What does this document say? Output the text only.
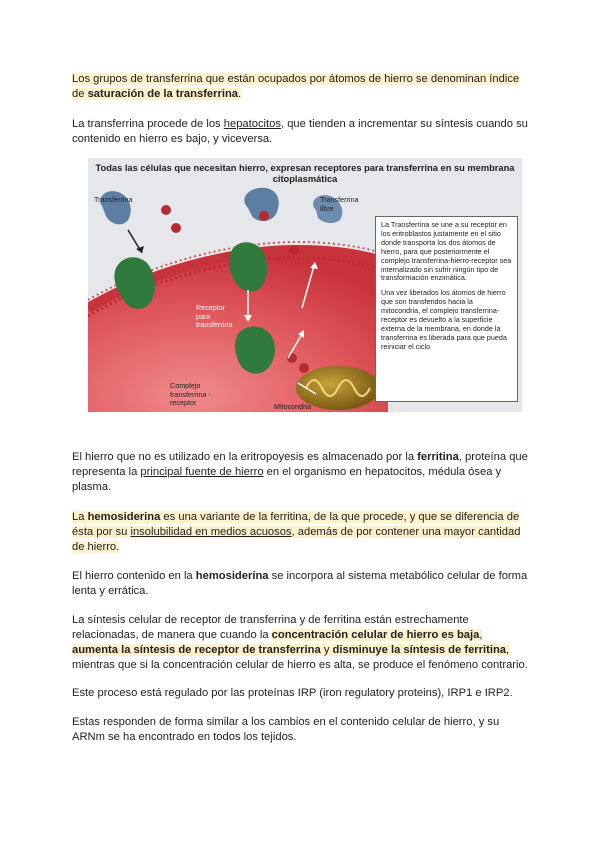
Los grupos de transferrina que están ocupados por átomos de hierro se denominan índice de saturación de la transferrina.

La transferrina procede de los hepatocitos, que tienden a incrementar su síntesis cuando su contenido en hierro es bajo, y viceversa.

Todas las células que necesitan hierro, expresan receptores para transferrina en su membrana citoplasmática
Transferrina	Transferrina
libre
Receptor
para
transferrina
Complejo
transferrina -
receptor	Mitocondria

La Transferrina se une a su receptor en los eritroblastos justamente en el sitio donde transporta los dos átomos de hierro, para que posteriormente el complejo transferrina-hierro-receptor sea internalizado sin sufrir ningún tipo de transformación enzimática.

Una vez liberados los átomos de hierro que son transferidos hacia la mitocondria, el complejo transferrina-receptor es devuelto a la superficie externa de la membrana, en donde la transferrina es liberada para que pueda reiniciar el ciclo

El hierro que no es utilizado en la eritropoyesis es almacenado por la ferritina, proteína que representa la principal fuente de hierro en el organismo en hepatocitos, médula ósea y plasma.

La hemosiderina es una variante de la ferritina, de la que procede, y que se diferencia de ésta por su insolubilidad en medios acuosos, además de por contener una mayor cantidad de hierro.

El hierro contenido en la hemosiderina se incorpora al sistema metabólico celular de forma lenta y errática.

La síntesis celular de receptor de transferrina y de ferritina están estrechamente relacionadas, de manera que cuando la concentración celular de hierro es baja,
aumenta la síntesis de receptor de transferrina y disminuye la síntesis de ferritina,
mientras que si la concentración celular de hierro es alta, se produce el fenómeno contrario.

Este proceso está regulado por las proteínas IRP (iron regulatory proteins), IRP1 e IRP2.

Estas responden de forma similar a los cambios en el contenido celular de hierro, y su ARNm se ha encontrado en todos los tejidos.
